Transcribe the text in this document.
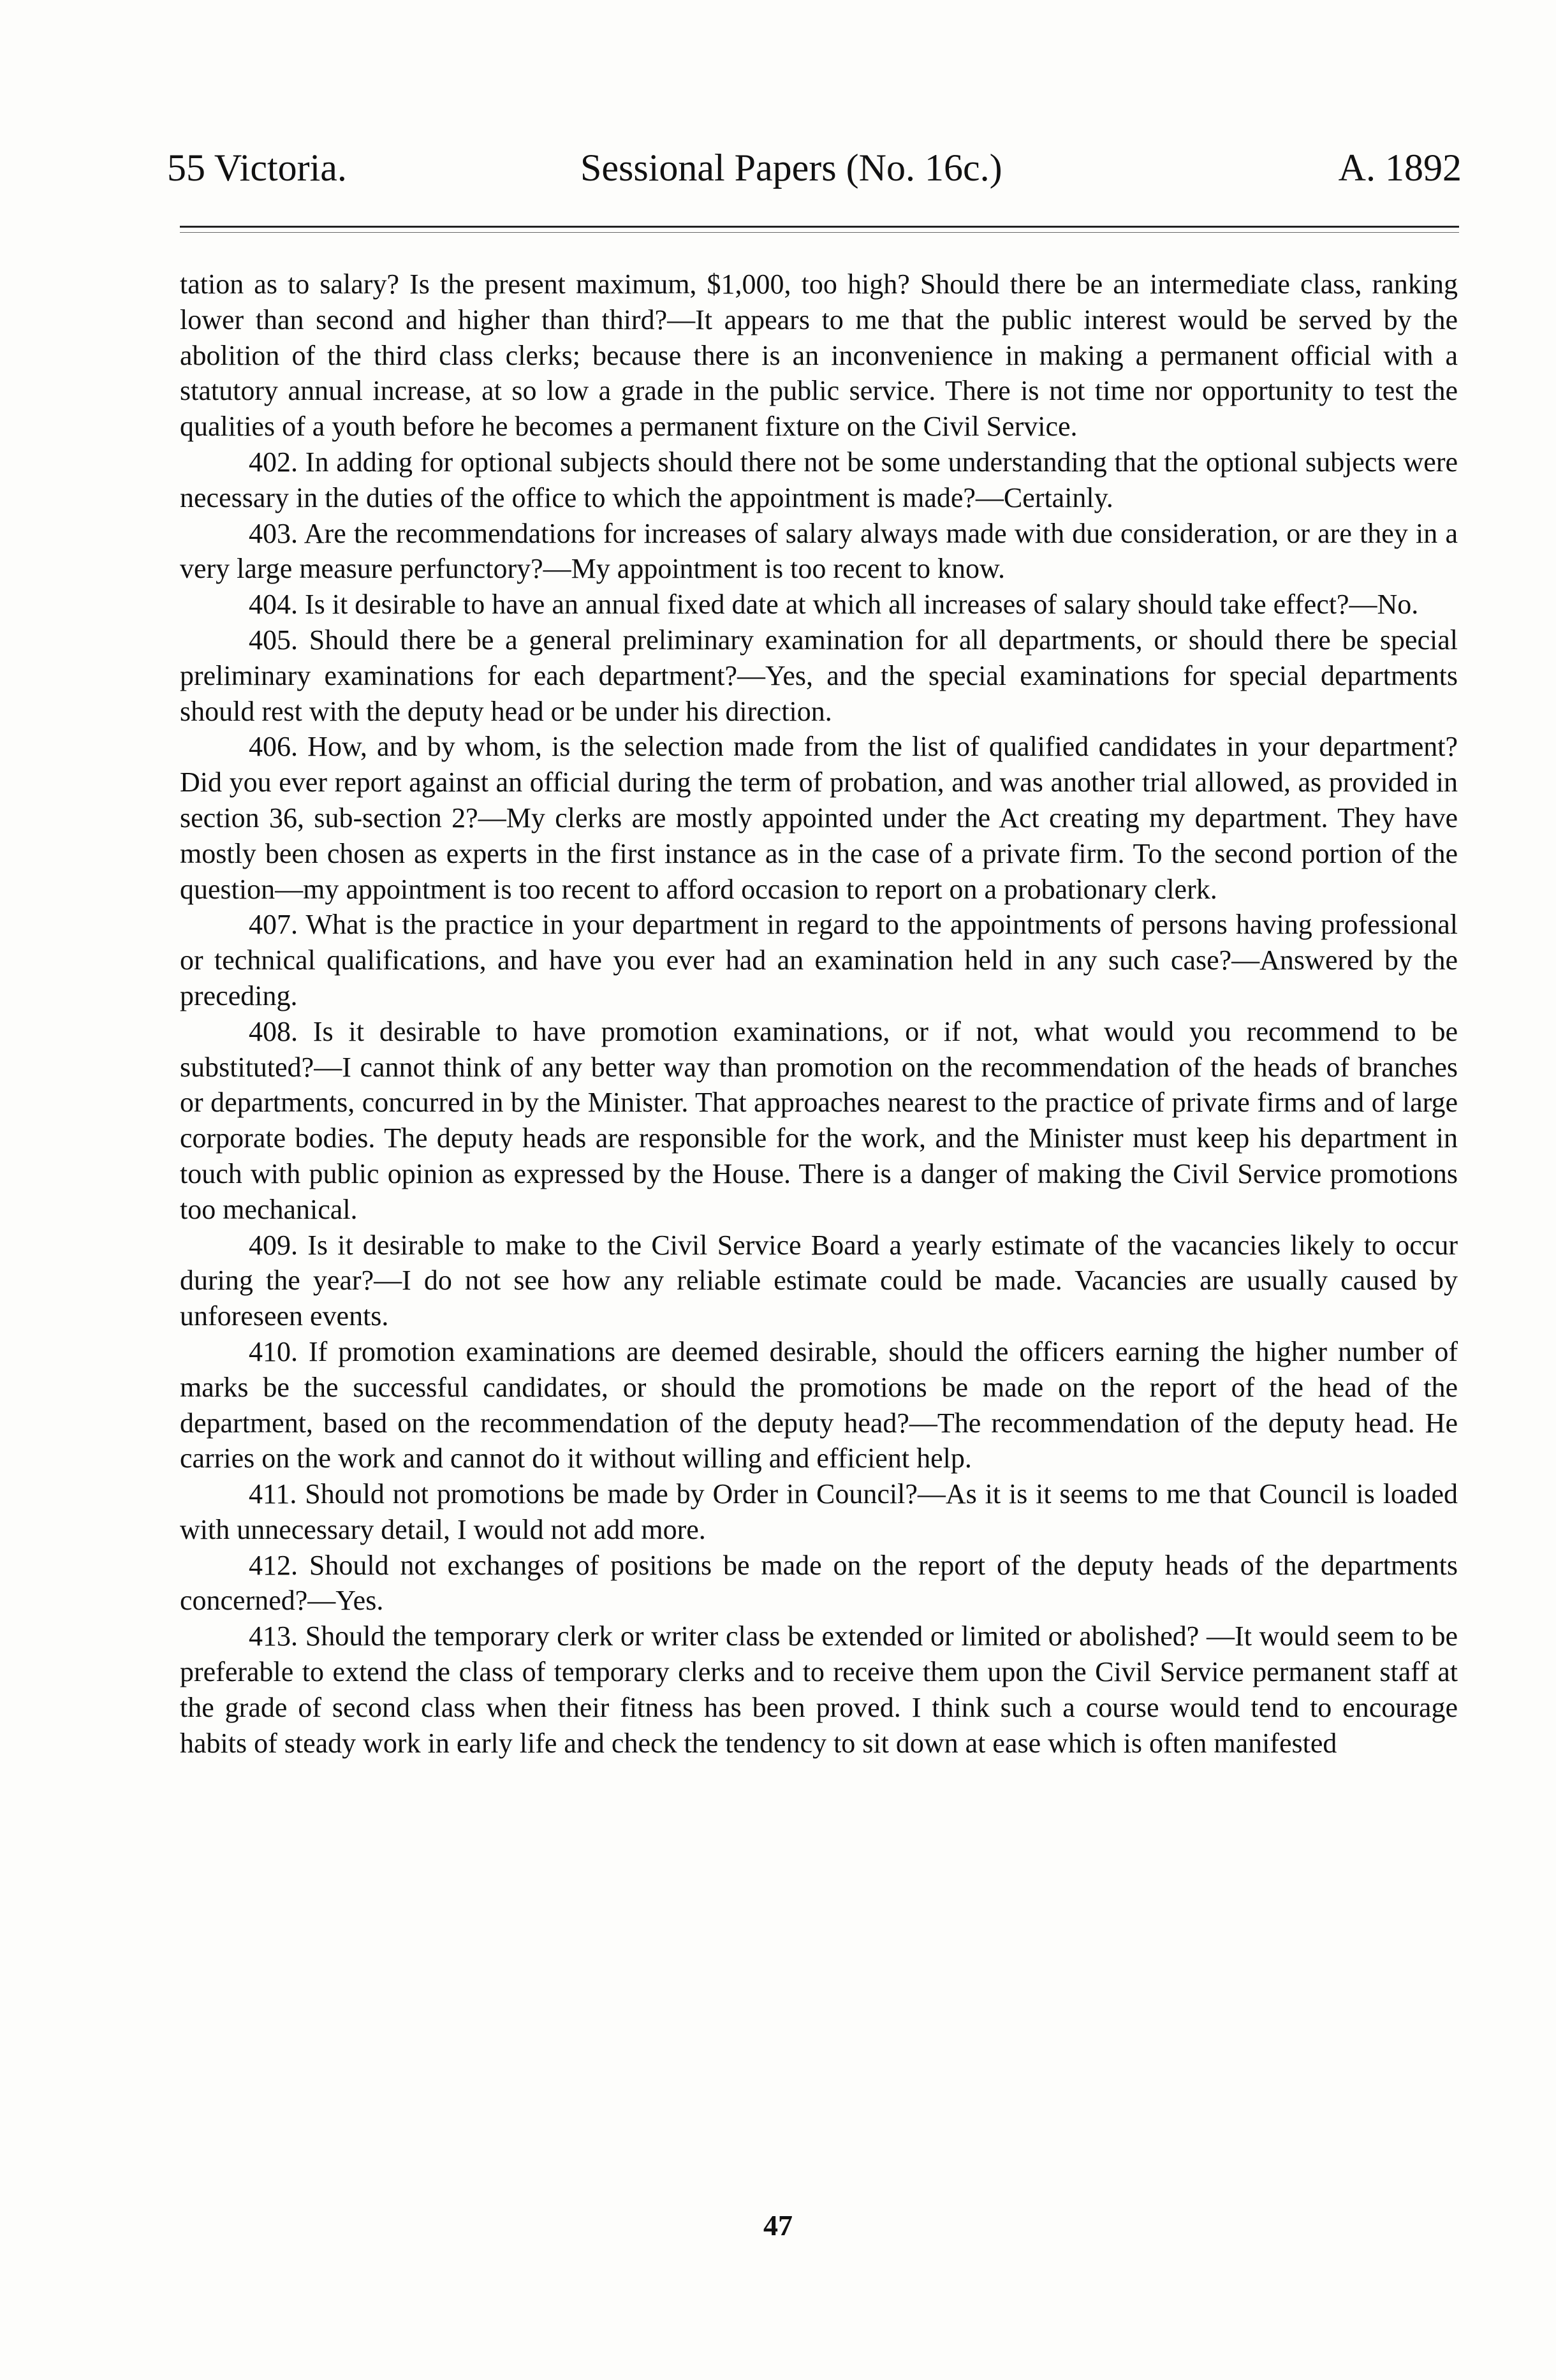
55 Victoria.	Sessional Papers (No. 16c.)	A. 1892

tation as to salary? Is the present maximum, $1,000, too high? Should there be an intermediate class, ranking lower than second and higher than third?—It appears to me that the public interest would be served by the abolition of the third class clerks; because there is an inconvenience in making a permanent official with a statutory annual increase, at so low a grade in the public service. There is not time nor opportunity to test the qualities of a youth before he becomes a permanent fixture on the Civil Service.

402. In adding for optional subjects should there not be some understanding that the optional subjects were necessary in the duties of the office to which the appointment is made?—Certainly.

403. Are the recommendations for increases of salary always made with due consideration, or are they in a very large measure perfunctory?—My appointment is too recent to know.

404. Is it desirable to have an annual fixed date at which all increases of salary should take effect?—No.

405. Should there be a general preliminary examination for all departments, or should there be special preliminary examinations for each department?—Yes, and the special examinations for special departments should rest with the deputy head or be under his direction.

406. How, and by whom, is the selection made from the list of qualified candidates in your department? Did you ever report against an official during the term of probation, and was another trial allowed, as provided in section 36, sub-section 2?—My clerks are mostly appointed under the Act creating my department. They have mostly been chosen as experts in the first instance as in the case of a private firm. To the second portion of the question—my appointment is too recent to afford occasion to report on a probationary clerk.

407. What is the practice in your department in regard to the appointments of persons having professional or technical qualifications, and have you ever had an examination held in any such case?—Answered by the preceding.

408. Is it desirable to have promotion examinations, or if not, what would you recommend to be substituted?—I cannot think of any better way than promotion on the recommendation of the heads of branches or departments, concurred in by the Minister. That approaches nearest to the practice of private firms and of large corporate bodies. The deputy heads are responsible for the work, and the Minister must keep his department in touch with public opinion as expressed by the House. There is a danger of making the Civil Service promotions too mechanical.

409. Is it desirable to make to the Civil Service Board a yearly estimate of the vacancies likely to occur during the year?—I do not see how any reliable estimate could be made. Vacancies are usually caused by unforeseen events.

410. If promotion examinations are deemed desirable, should the officers earning the higher number of marks be the successful candidates, or should the promotions be made on the report of the head of the department, based on the recommendation of the deputy head?—The recommendation of the deputy head. He carries on the work and cannot do it without willing and efficient help.

411. Should not promotions be made by Order in Council?—As it is it seems to me that Council is loaded with unnecessary detail, I would not add more.

412. Should not exchanges of positions be made on the report of the deputy heads of the departments concerned?—Yes.

413. Should the temporary clerk or writer class be extended or limited or abolished? —It would seem to be preferable to extend the class of temporary clerks and to receive them upon the Civil Service permanent staff at the grade of second class when their fitness has been proved. I think such a course would tend to encourage habits of steady work in early life and check the tendency to sit down at ease which is often manifested

47
